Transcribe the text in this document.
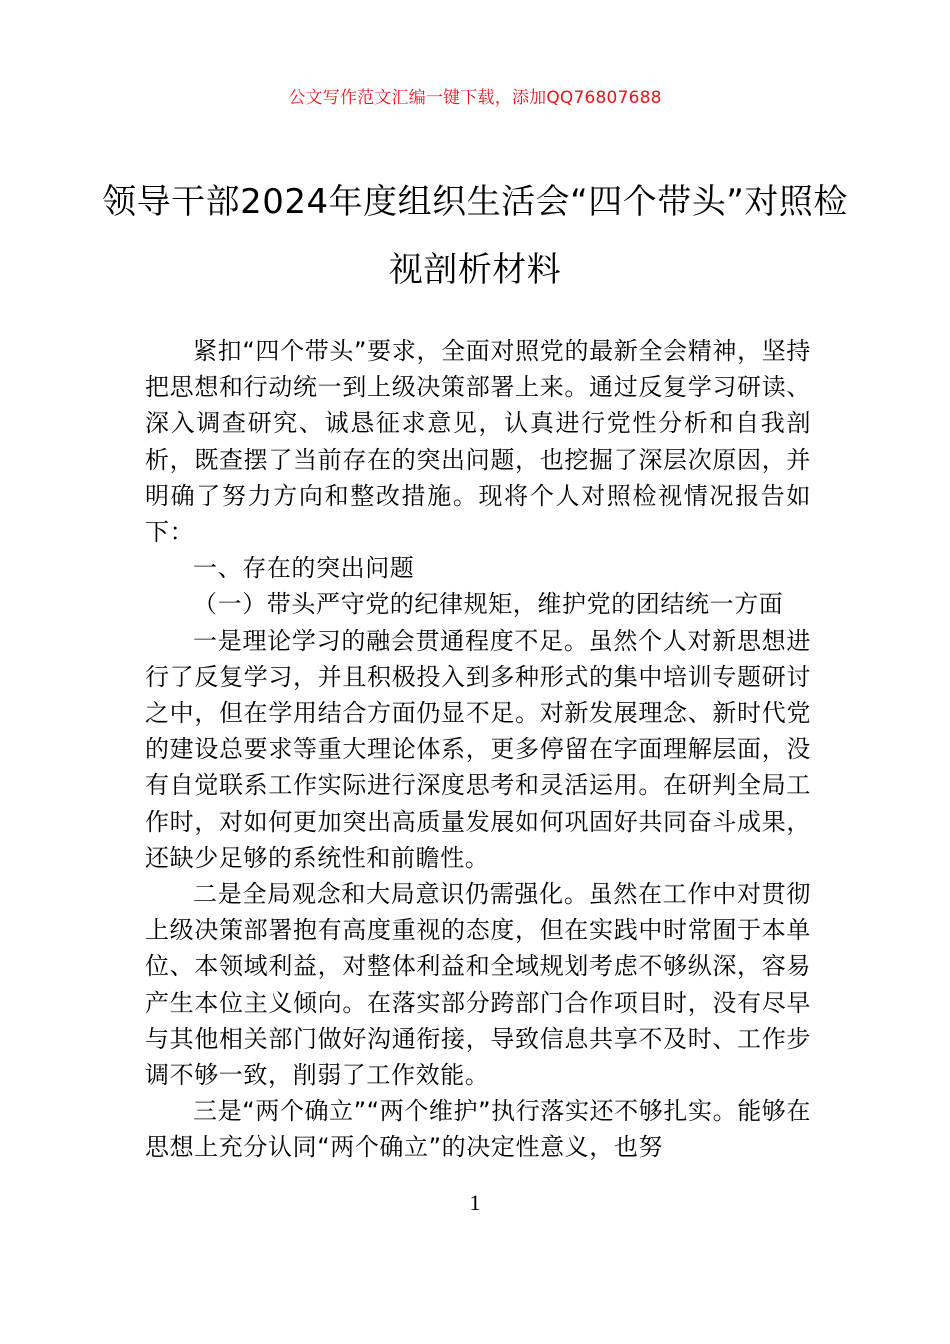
公文写作范文汇编一键下载，添加QQ76807688
领导干部2024年度组织生活会“四个带头”对照检视剖析材料

紧扣“四个带头”要求，全面对照党的最新全会精神，坚持把思想和行动统一到上级决策部署上来。通过反复学习研读、深入调查研究、诚恳征求意见，认真进行党性分析和自我剖析，既查摆了当前存在的突出问题，也挖掘了深层次原因，并明确了努力方向和整改措施。现将个人对照检视情况报告如下：

一、存在的突出问题

（一）带头严守党的纪律规矩，维护党的团结统一方面

一是理论学习的融会贯通程度不足。虽然个人对新思想进行了反复学习，并且积极投入到多种形式的集中培训专题研讨之中，但在学用结合方面仍显不足。对新发展理念、新时代党的建设总要求等重大理论体系，更多停留在字面理解层面，没有自觉联系工作实际进行深度思考和灵活运用。在研判全局工作时，对如何更加突出高质量发展如何巩固好共同奋斗成果，还缺少足够的系统性和前瞻性。

二是全局观念和大局意识仍需强化。虽然在工作中对贯彻上级决策部署抱有高度重视的态度，但在实践中时常囿于本单位、本领域利益，对整体利益和全域规划考虑不够纵深，容易产生本位主义倾向。在落实部分跨部门合作项目时，没有尽早与其他相关部门做好沟通衔接，导致信息共享不及时、工作步调不够一致，削弱了工作效能。

三是“两个确立”“两个维护”执行落实还不够扎实。能够在思想上充分认同“两个确立”的决定性意义，也努

1
